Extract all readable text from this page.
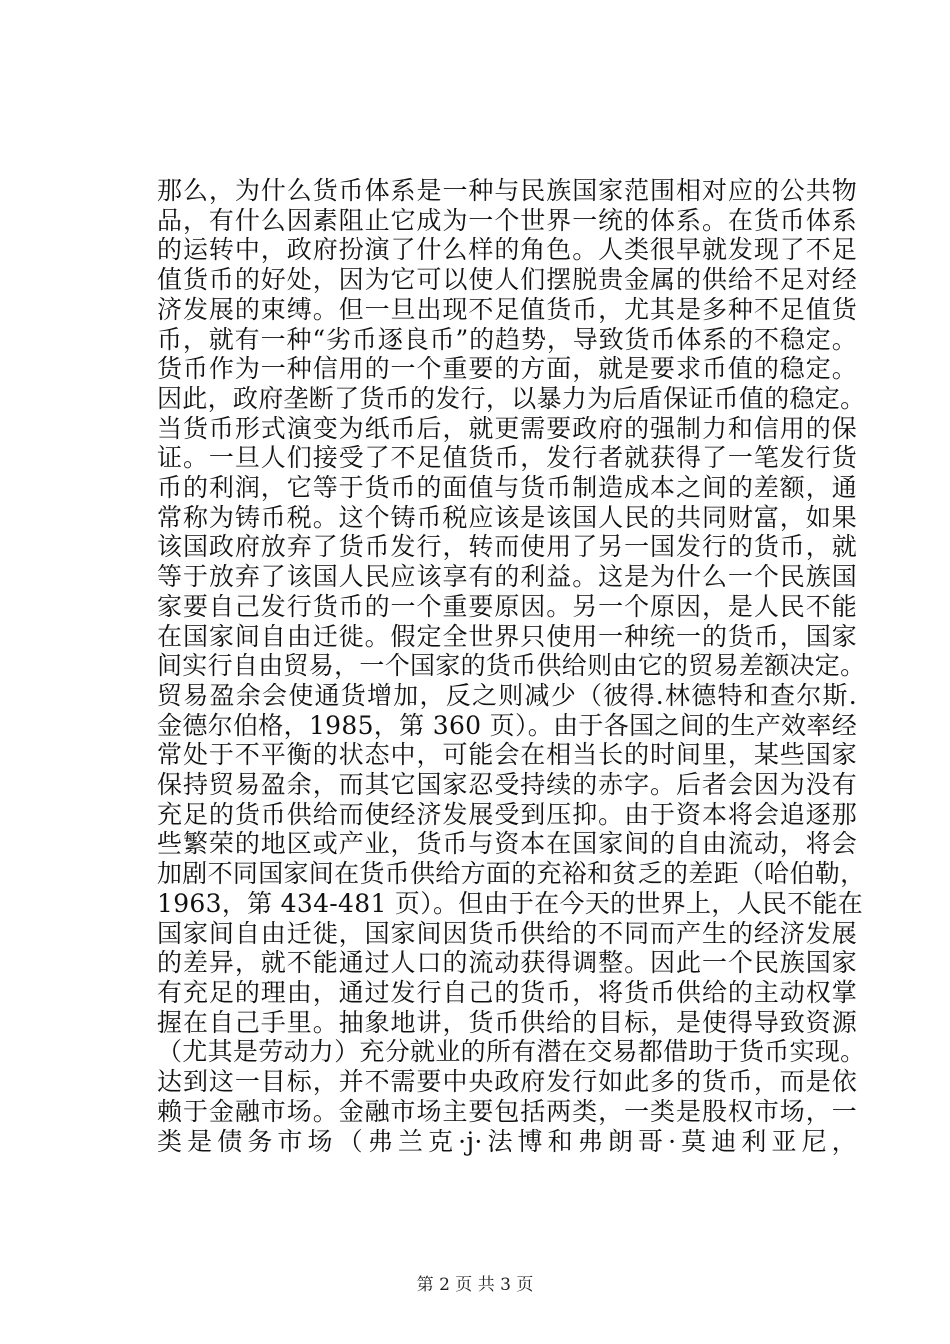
那么，为什么货币体系是一种与民族国家范围相对应的公共物
品，有什么因素阻止它成为一个世界一统的体系。在货币体系
的运转中，政府扮演了什么样的角色。人类很早就发现了不足
值货币的好处，因为它可以使人们摆脱贵金属的供给不足对经
济发展的束缚。但一旦出现不足值货币，尤其是多种不足值货
币，就有一种“劣币逐良币”的趋势，导致货币体系的不稳定。
货币作为一种信用的一个重要的方面，就是要求币值的稳定。
因此，政府垄断了货币的发行，以暴力为后盾保证币值的稳定。
当货币形式演变为纸币后，就更需要政府的强制力和信用的保
证。一旦人们接受了不足值货币，发行者就获得了一笔发行货
币的利润，它等于货币的面值与货币制造成本之间的差额，通
常称为铸币税。这个铸币税应该是该国人民的共同财富，如果
该国政府放弃了货币发行，转而使用了另一国发行的货币，就
等于放弃了该国人民应该享有的利益。这是为什么一个民族国
家要自己发行货币的一个重要原因。另一个原因，是人民不能
在国家间自由迁徙。假定全世界只使用一种统一的货币，国家
间实行自由贸易，一个国家的货币供给则由它的贸易差额决定。
贸易盈余会使通货增加，反之则减少（彼得.林德特和查尔斯.
金德尔伯格，1985，第 360 页）。由于各国之间的生产效率经
常处于不平衡的状态中，可能会在相当长的时间里，某些国家
保持贸易盈余，而其它国家忍受持续的赤字。后者会因为没有
充足的货币供给而使经济发展受到压抑。由于资本将会追逐那
些繁荣的地区或产业，货币与资本在国家间的自由流动，将会
加剧不同国家间在货币供给方面的充裕和贫乏的差距（哈伯勒，
1963，第 434-481 页）。但由于在今天的世界上，人民不能在
国家间自由迁徙，国家间因货币供给的不同而产生的经济发展
的差异，就不能通过人口的流动获得调整。因此一个民族国家
有充足的理由，通过发行自己的货币，将货币供给的主动权掌
握在自己手里。抽象地讲，货币供给的目标，是使得导致资源
（尤其是劳动力）充分就业的所有潜在交易都借助于货币实现。
达到这一目标，并不需要中央政府发行如此多的货币，而是依
赖于金融市场。金融市场主要包括两类，一类是股权市场，一
类是债务市场（弗兰克·j·法博和弗朗哥·莫迪利亚尼，
第 2 页 共 3 页
